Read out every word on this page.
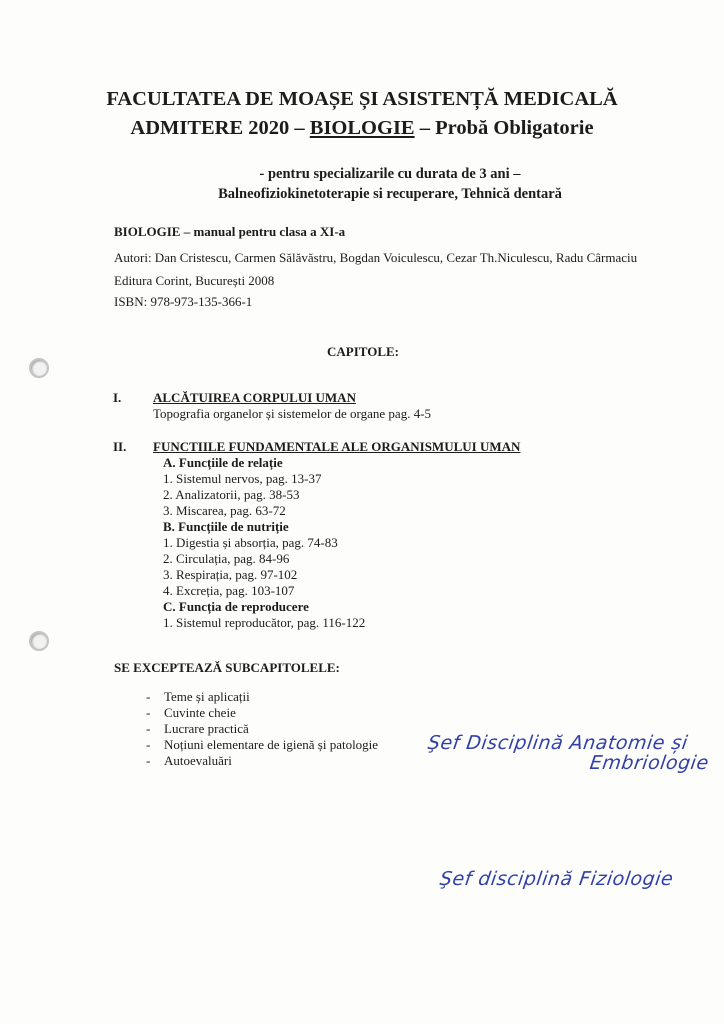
FACULTATEA DE MOAȘE ȘI ASISTENȚĂ MEDICALĂ
ADMITERE 2020 – BIOLOGIE – Probă Obligatorie
- pentru specializarile cu durata de 3 ani –
Balneofiziokinetoterapie si recuperare, Tehnică dentară
BIOLOGIE – manual pentru clasa a XI-a
Autori: Dan Cristescu, Carmen Sălăvăstru, Bogdan Voiculescu, Cezar Th.Niculescu, Radu Cârmaciu
Editura Corint, București 2008
ISBN: 978-973-135-366-1
CAPITOLE:
I. ALCĂTUIREA CORPULUI UMAN
Topografia organelor și sistemelor de organe pag. 4-5
II. FUNCTIILE FUNDAMENTALE ALE ORGANISMULUI UMAN
A. Funcțiile de relație
1. Sistemul nervos, pag. 13-37
2. Analizatorii, pag. 38-53
3. Miscarea, pag. 63-72
B. Funcțiile de nutriție
1. Digestia și absorția, pag. 74-83
2. Circulația, pag. 84-96
3. Respirația, pag. 97-102
4. Excreția, pag. 103-107
C. Funcția de reproducere
1. Sistemul reproducător, pag. 116-122
SE EXCEPTEAZĂ SUBCAPITOLELE:
- Teme și aplicații
- Cuvinte cheie
- Lucrare practică
- Noțiuni elementare de igienă și patologie
- Autoevaluări
Şef Disciplină Anatomie și
Embriologie
Şef disciplină Fiziologie
